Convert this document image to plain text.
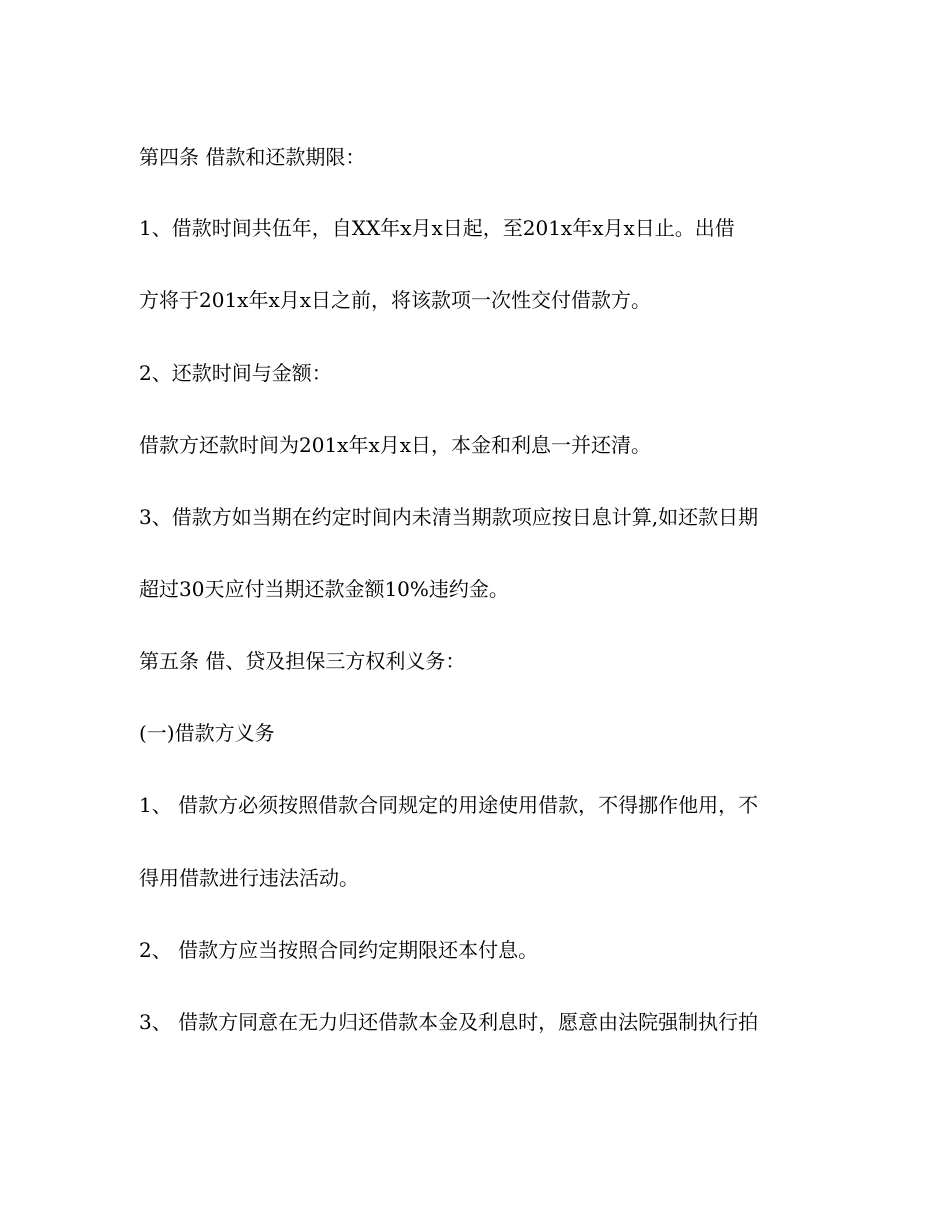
第四条 借款和还款期限：

1、借款时间共伍年，自XX年x月x日起，至201x年x月x日止。出借

方将于201x年x月x日之前，将该款项一次性交付借款方。

2、还款时间与金额：

借款方还款时间为201x年x月x日，本金和利息一并还清。

3、借款方如当期在约定时间内未清当期款项应按日息计算,如还款日期

超过30天应付当期还款金额10%违约金。

第五条 借、贷及担保三方权利义务：

(一)借款方义务

1、 借款方必须按照借款合同规定的用途使用借款，不得挪作他用，不

得用借款进行违法活动。

2、 借款方应当按照合同约定期限还本付息。

3、 借款方同意在无力归还借款本金及利息时，愿意由法院强制执行拍
